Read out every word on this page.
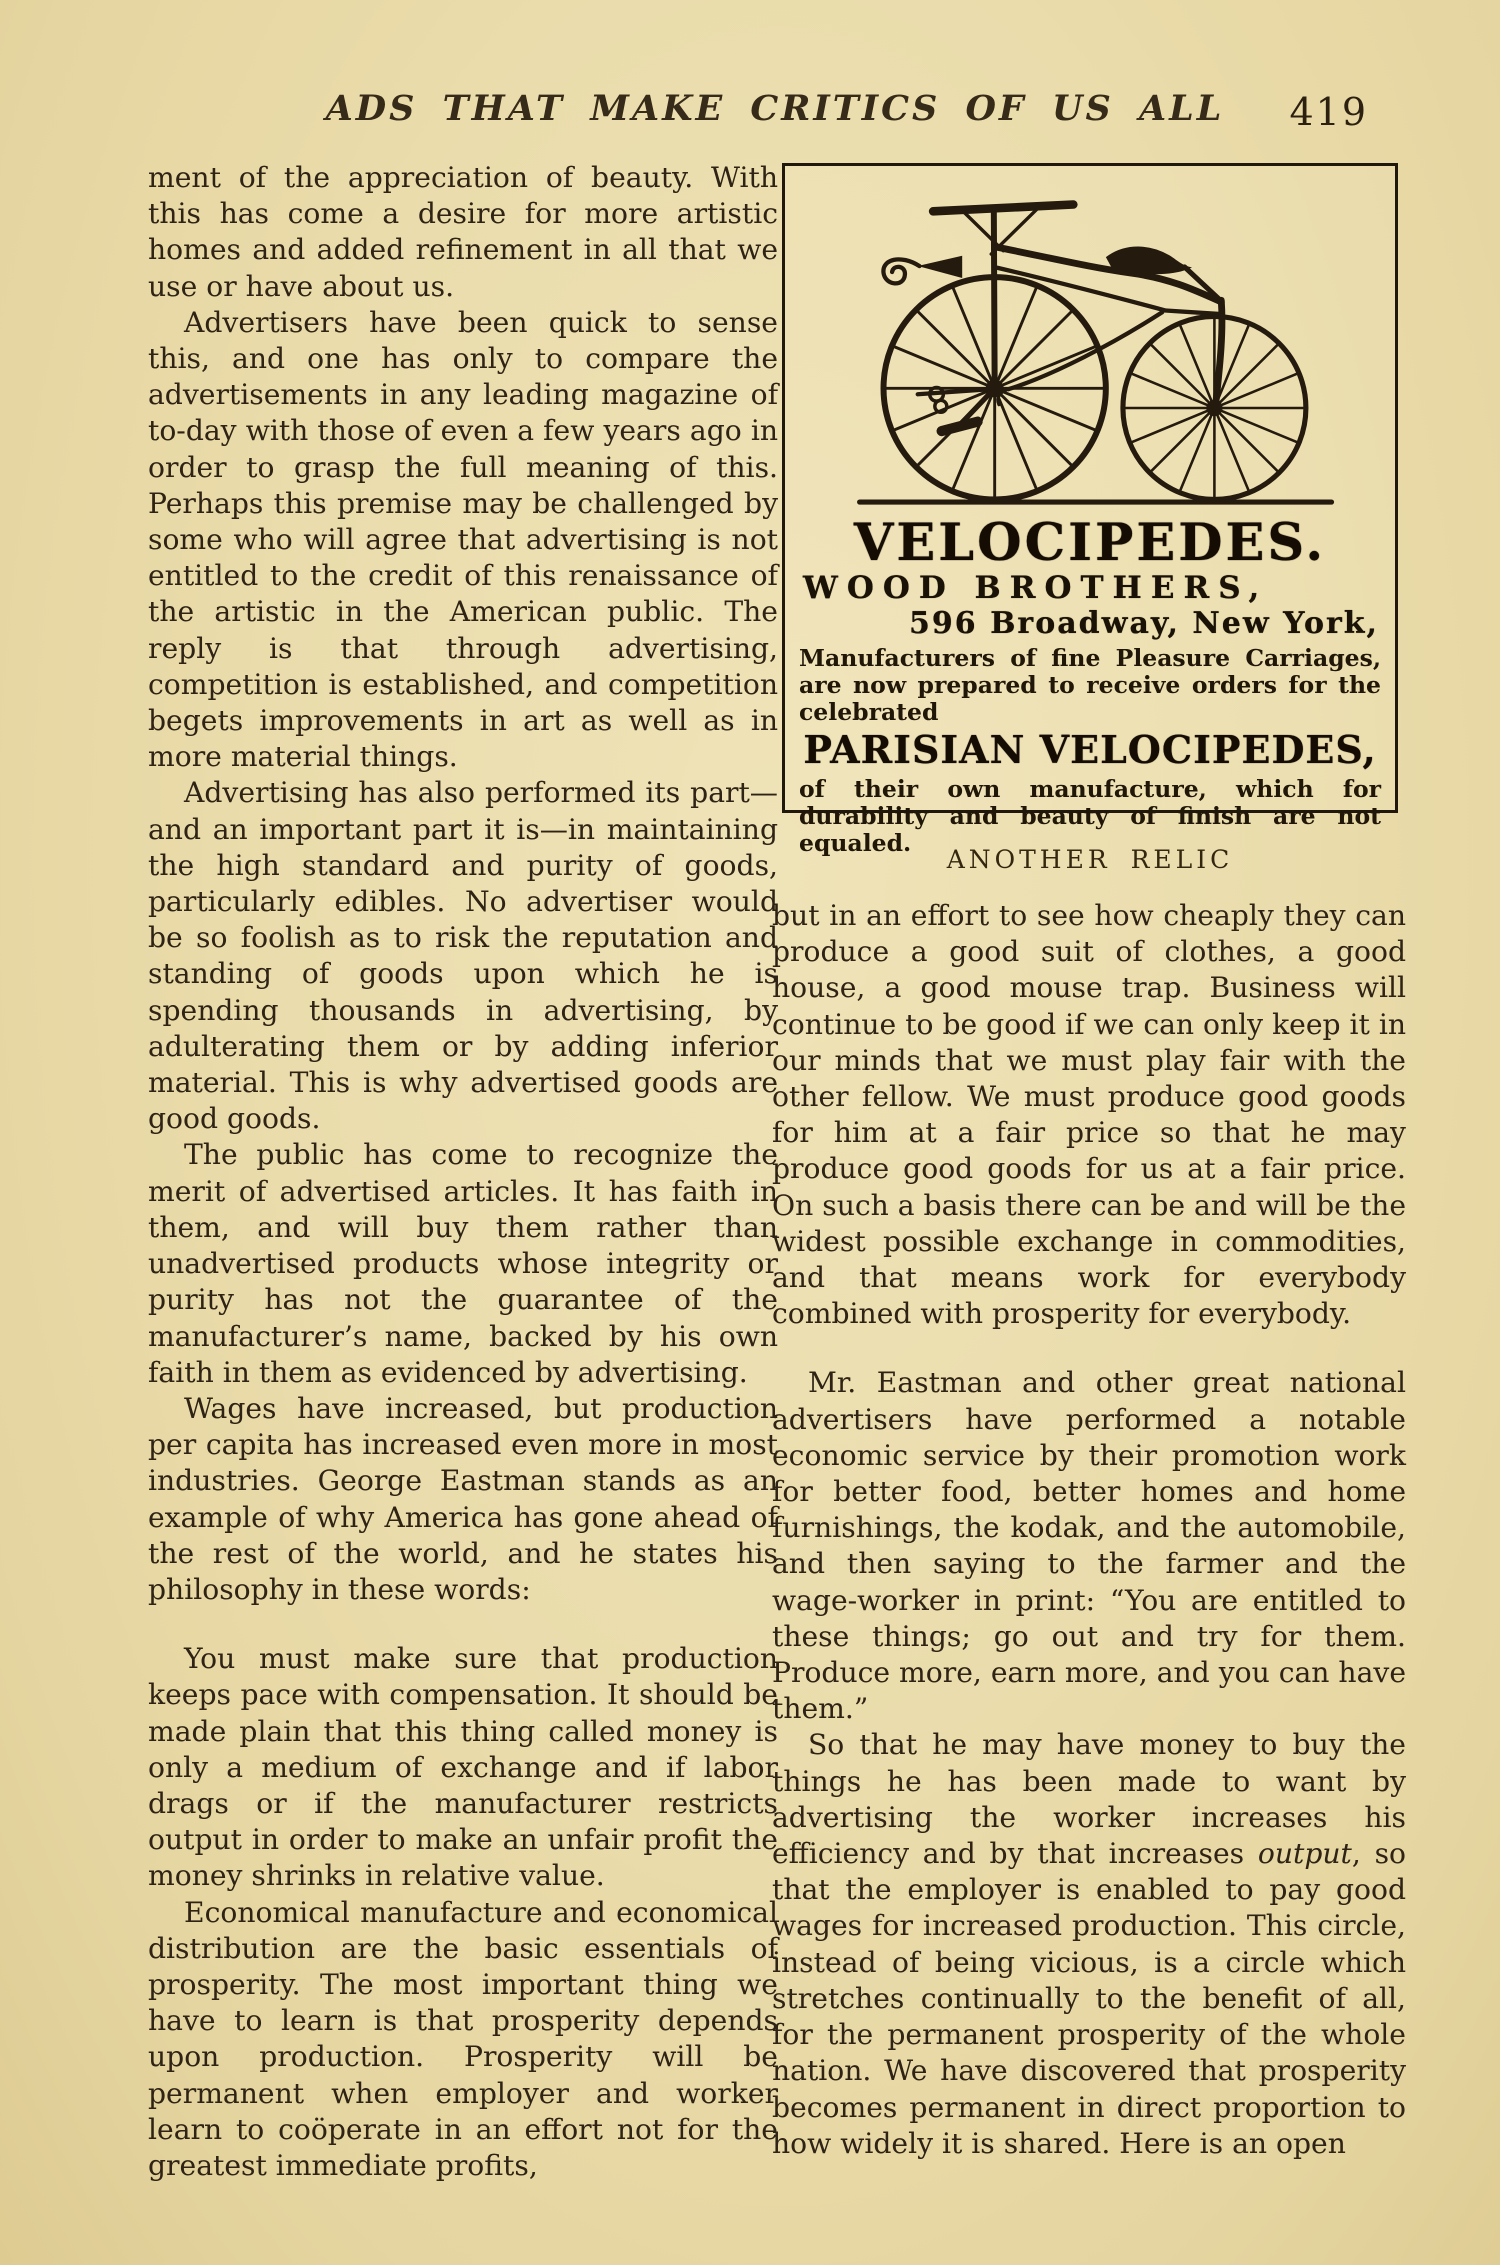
ADS THAT MAKE CRITICS OF US ALL	419

ment of the appreciation of beauty. With this has come a desire for more artistic homes and added refinement in all that we use or have about us.

Advertisers have been quick to sense this, and one has only to compare the advertisements in any leading magazine of to-day with those of even a few years ago in order to grasp the full meaning of this. Perhaps this premise may be challenged by some who will agree that advertising is not entitled to the credit of this renaissance of the artistic in the American public. The reply is that through advertising, competition is established, and competition begets improvements in art as well as in more material things.

Advertising has also performed its part—and an important part it is—in maintaining the high standard and purity of goods, particularly edibles. No advertiser would be so foolish as to risk the reputation and standing of goods upon which he is spending thousands in advertising, by adulterating them or by adding inferior material. This is why advertised goods are good goods.

The public has come to recognize the merit of advertised articles. It has faith in them, and will buy them rather than unadvertised products whose integrity or purity has not the guarantee of the manufacturer’s name, backed by his own faith in them as evidenced by advertising.

Wages have increased, but production per capita has increased even more in most industries. George Eastman stands as an example of why America has gone ahead of the rest of the world, and he states his philosophy in these words:

You must make sure that production keeps pace with compensation. It should be made plain that this thing called money is only a medium of exchange and if labor drags or if the manufacturer restricts output in order to make an unfair profit the money shrinks in relative value.

Economical manufacture and economical distribution are the basic essentials of prosperity. The most important thing we have to learn is that prosperity depends upon production. Prosperity will be permanent when employer and worker learn to coöperate in an effort not for the greatest immediate profits,

VELOCIPEDES.
WOOD BROTHERS,
596 Broadway, New York,
Manufacturers of fine Pleasure Carriages, are now prepared to receive orders for the celebrated
PARISIAN VELOCIPEDES,
of their own manufacture, which for durability and beauty of finish are not equaled.
ANOTHER RELIC

but in an effort to see how cheaply they can produce a good suit of clothes, a good house, a good mouse trap. Business will continue to be good if we can only keep it in our minds that we must play fair with the other fellow. We must produce good goods for him at a fair price so that he may produce good goods for us at a fair price. On such a basis there can be and will be the widest possible exchange in commodities, and that means work for everybody combined with prosperity for everybody.

Mr. Eastman and other great national advertisers have performed a notable economic service by their promotion work for better food, better homes and home furnishings, the kodak, and the automobile, and then saying to the farmer and the wage-worker in print: “You are entitled to these things; go out and try for them. Produce more, earn more, and you can have them.”

So that he may have money to buy the things he has been made to want by advertising the worker increases his efficiency and by that increases output, so that the employer is enabled to pay good wages for increased production. This circle, instead of being vicious, is a circle which stretches continually to the benefit of all, for the permanent prosperity of the whole nation. We have discovered that prosperity becomes permanent in direct proportion to how widely it is shared. Here is an open
